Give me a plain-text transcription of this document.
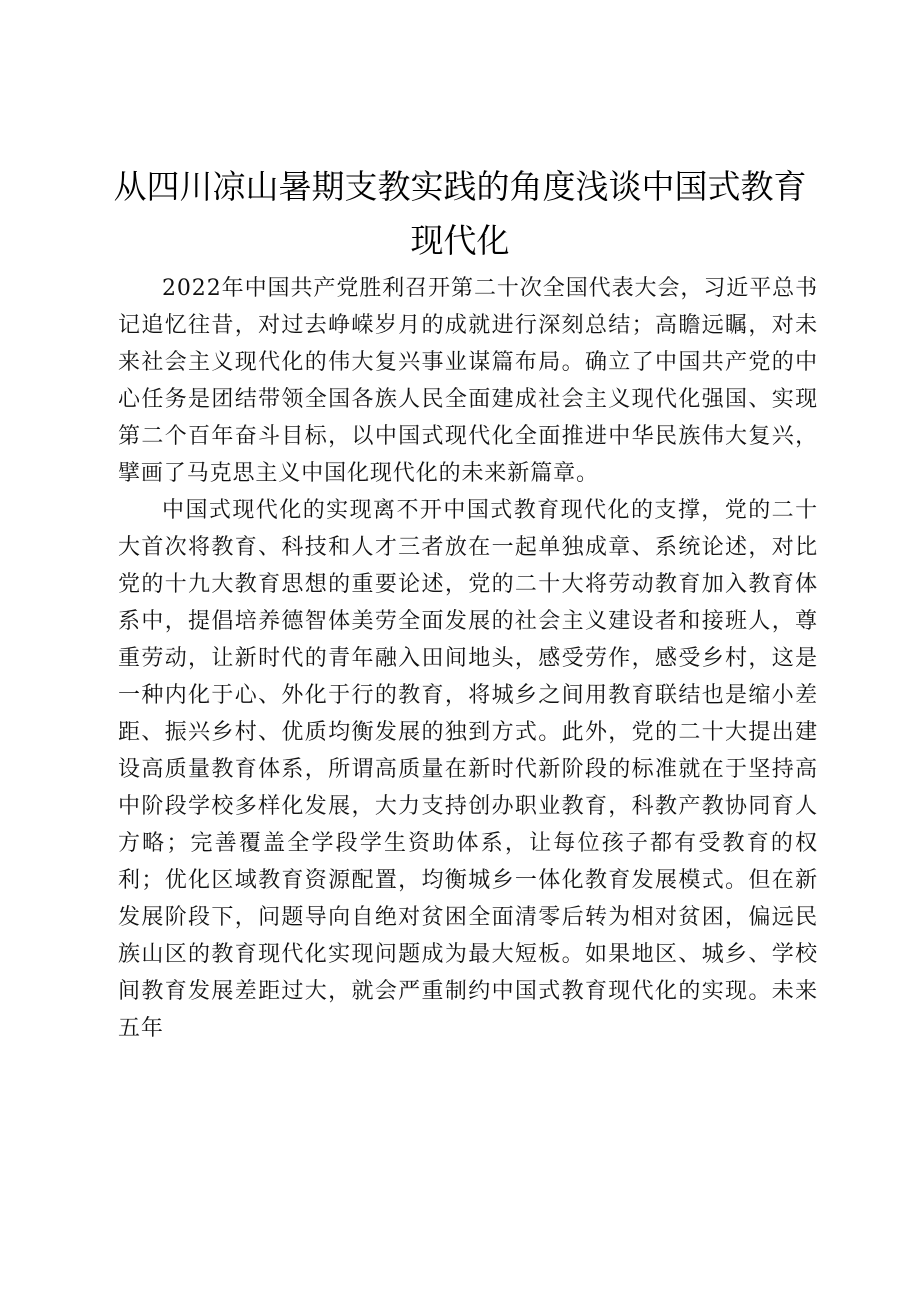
从四川凉山暑期支教实践的角度浅谈中国式教育现代化

2022年中国共产党胜利召开第二十次全国代表大会，习近平总书记追忆往昔，对过去峥嵘岁月的成就进行深刻总结；高瞻远瞩，对未来社会主义现代化的伟大复兴事业谋篇布局。确立了中国共产党的中心任务是团结带领全国各族人民全面建成社会主义现代化强国、实现第二个百年奋斗目标，以中国式现代化全面推进中华民族伟大复兴，擘画了马克思主义中国化现代化的未来新篇章。

中国式现代化的实现离不开中国式教育现代化的支撑，党的二十大首次将教育、科技和人才三者放在一起单独成章、系统论述，对比党的十九大教育思想的重要论述，党的二十大将劳动教育加入教育体系中，提倡培养德智体美劳全面发展的社会主义建设者和接班人，尊重劳动，让新时代的青年融入田间地头，感受劳作，感受乡村，这是一种内化于心、外化于行的教育，将城乡之间用教育联结也是缩小差距、振兴乡村、优质均衡发展的独到方式。此外，党的二十大提出建设高质量教育体系，所谓高质量在新时代新阶段的标准就在于坚持高中阶段学校多样化发展，大力支持创办职业教育，科教产教协同育人方略；完善覆盖全学段学生资助体系，让每位孩子都有受教育的权利；优化区域教育资源配置，均衡城乡一体化教育发展模式。但在新发展阶段下，问题导向自绝对贫困全面清零后转为相对贫困，偏远民族山区的教育现代化实现问题成为最大短板。如果地区、城乡、学校间教育发展差距过大，就会严重制约中国式教育现代化的实现。未来五年
